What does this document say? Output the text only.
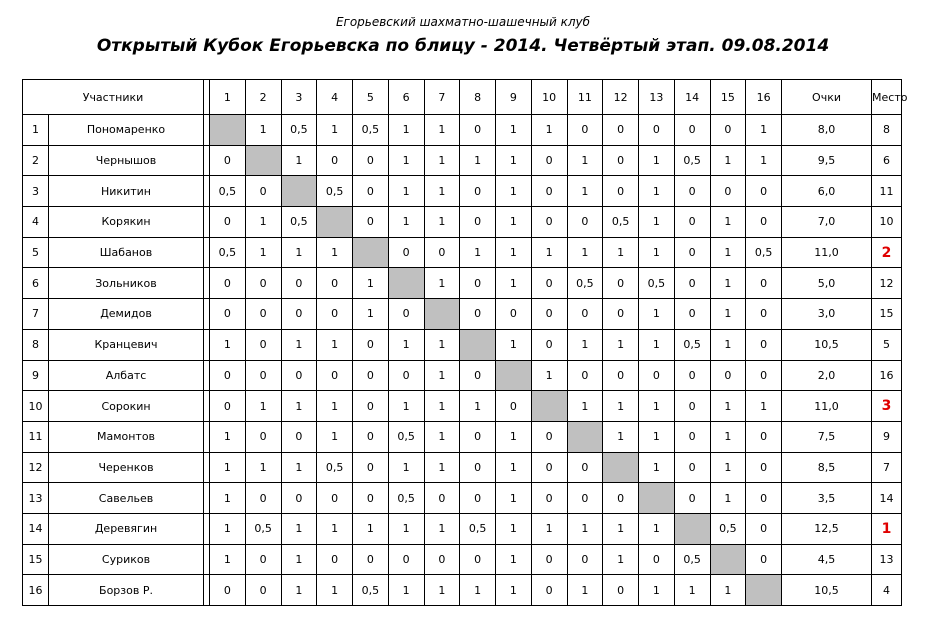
Егорьевский шахматно-шашечный клуб
Открытый Кубок Егорьевска по блицу - 2014. Четвёртый этап. 09.08.2014
Участники			1	2	3	4	5	6	7	8	9	10	11	12	13	14	15	16	Очки	Место
1	Пономаренко			1	0,5	1	0,5	1	1	0	1	1	0	0	0	0	0	1	8,0	8
2	Чернышов		0		1	0	0	1	1	1	1	0	1	0	1	0,5	1	1	9,5	6
3	Никитин		0,5	0		0,5	0	1	1	0	1	0	1	0	1	0	0	0	6,0	11
4	Корякин		0	1	0,5		0	1	1	0	1	0	0	0,5	1	0	1	0	7,0	10
5	Шабанов		0,5	1	1	1		0	0	1	1	1	1	1	1	0	1	0,5	11,0	2
6	Зольников		0	0	0	0	1		1	0	1	0	0,5	0	0,5	0	1	0	5,0	12
7	Демидов		0	0	0	0	1	0		0	0	0	0	0	1	0	1	0	3,0	15
8	Кранцевич		1	0	1	1	0	1	1		1	0	1	1	1	0,5	1	0	10,5	5
9	Албатс		0	0	0	0	0	0	1	0		1	0	0	0	0	0	0	2,0	16
10	Сорокин		0	1	1	1	0	1	1	1	0		1	1	1	0	1	1	11,0	3
11	Мамонтов		1	0	0	1	0	0,5	1	0	1	0		1	1	0	1	0	7,5	9
12	Черенков		1	1	1	0,5	0	1	1	0	1	0	0		1	0	1	0	8,5	7
13	Савельев		1	0	0	0	0	0,5	0	0	1	0	0	0		0	1	0	3,5	14
14	Деревягин		1	0,5	1	1	1	1	1	0,5	1	1	1	1	1		0,5	0	12,5	1
15	Суриков		1	0	1	0	0	0	0	0	1	0	0	1	0	0,5		0	4,5	13
16	Борзов Р.		0	0	1	1	0,5	1	1	1	1	0	1	0	1	1	1		10,5	4
